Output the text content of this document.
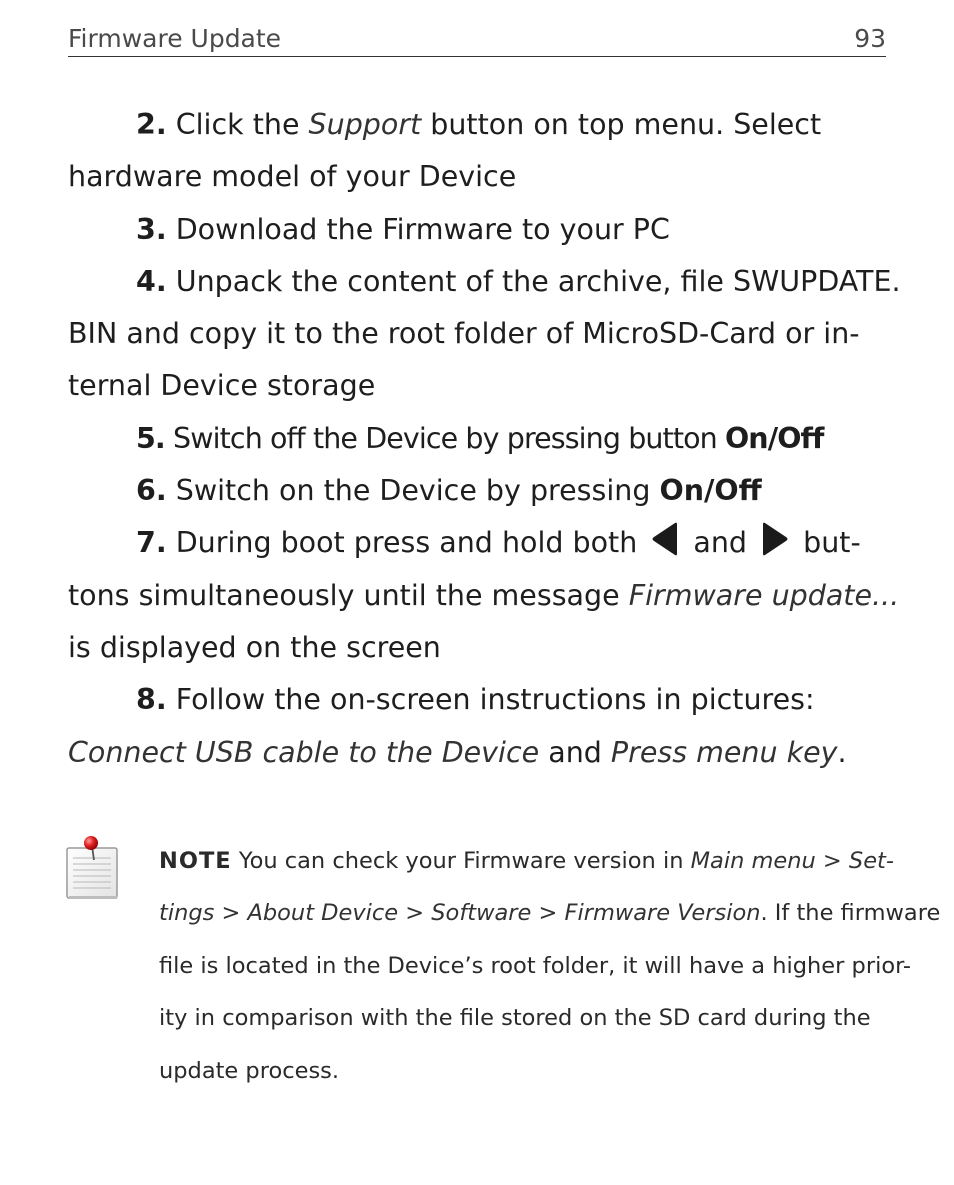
Firmware Update	93

2. Click the Support button on top menu. Select

hardware model of your Device

3. Download the Firmware to your PC

4. Unpack the content of the archive, file SWUPDATE.

BIN and copy it to the root folder of MicroSD-Card or in-

ternal Device storage

5. Switch off the Device by pressing button On/Off

6. Switch on the Device by pressing On/Off

7. During boot press and hold both and but-

tons simultaneously until the message Firmware update...

is displayed on the screen

8. Follow the on-screen instructions in pictures:

Connect USB cable to the Device and Press menu key.

NOTE You can check your Firmware version in Main menu > Set-

tings > About Device > Software > Firmware Version. If the firmware

file is located in the Device’s root folder, it will have a higher prior-

ity in comparison with the file stored on the SD card during the

update process.
